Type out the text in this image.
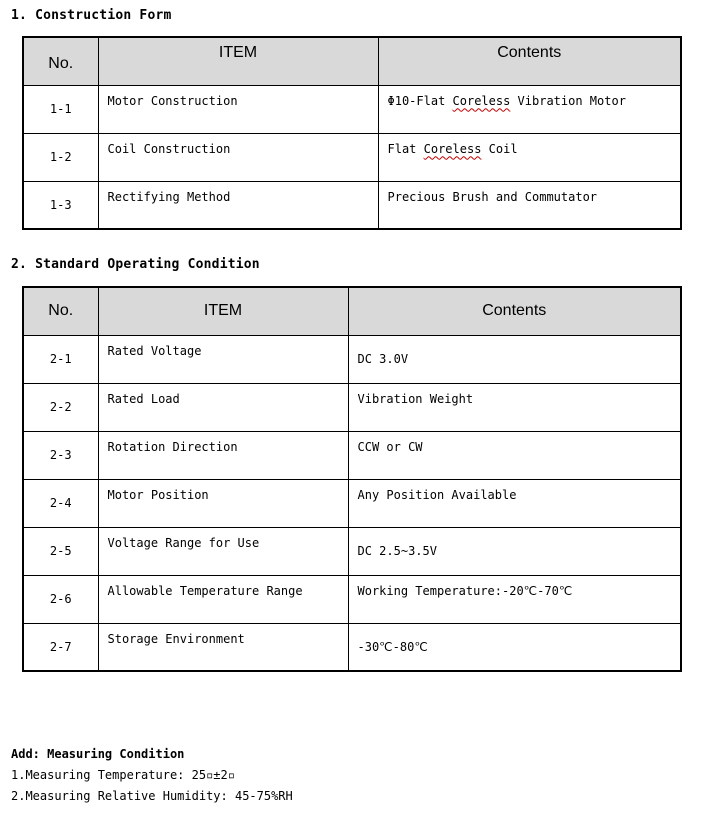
1. Construction Form
No.	ITEM	Contents
1-1	Motor Construction	Φ10-Flat Coreless Vibration Motor
1-2	Coil Construction	Flat Coreless Coil
1-3	Rectifying Method	Precious Brush and Commutator
2. Standard Operating Condition
No.	ITEM	Contents
2-1	Rated Voltage	DC 3.0V
2-2	Rated Load	Vibration Weight
2-3	Rotation Direction	CCW or CW
2-4	Motor Position	Any Position Available
2-5	Voltage Range for Use	DC 2.5~3.5V
2-6	Allowable Temperature Range	Working Temperature:-20℃-70℃
2-7	Storage Environment	-30℃-80℃
Add: Measuring Condition
1.Measuring Temperature: 25▫±2▫
2.Measuring Relative Humidity: 45-75%RH
